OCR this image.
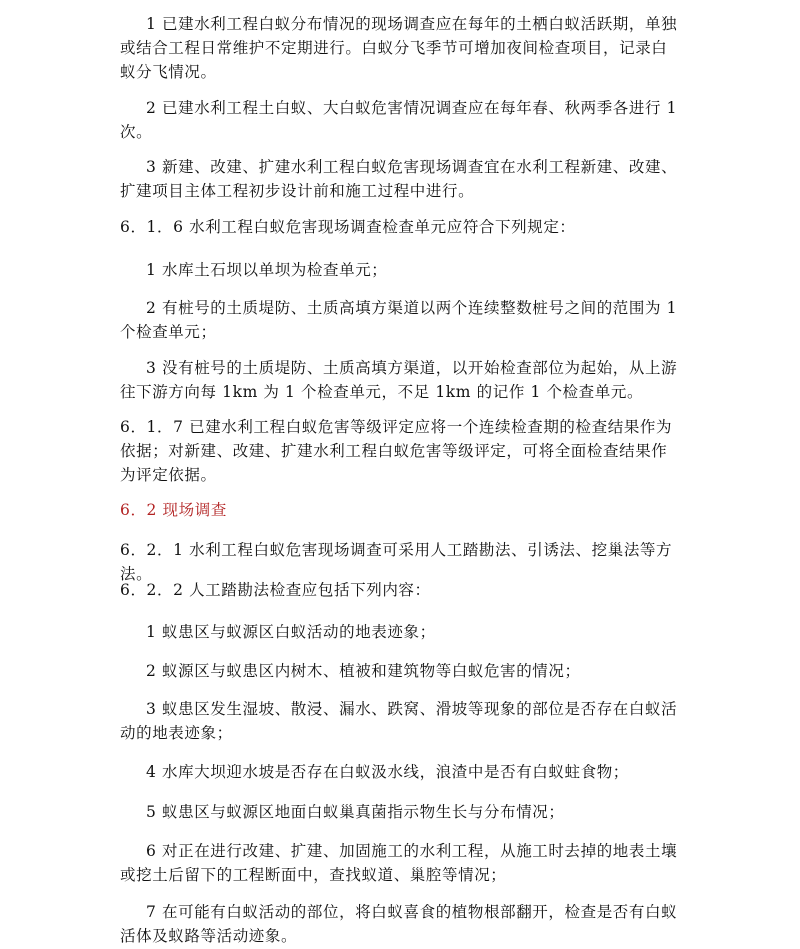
1 已建水利工程白蚁分布情况的现场调查应在每年的土栖白蚁活跃期，单独或结合工程日常维护不定期进行。白蚁分飞季节可增加夜间检查项目，记录白蚁分飞情况。

2 已建水利工程土白蚁、大白蚁危害情况调查应在每年春、秋两季各进行 1 次。

3 新建、改建、扩建水利工程白蚁危害现场调查宜在水利工程新建、改建、扩建项目主体工程初步设计前和施工过程中进行。

6．1．6 水利工程白蚁危害现场调查检查单元应符合下列规定：

1 水库土石坝以单坝为检查单元；

2 有桩号的土质堤防、土质高填方渠道以两个连续整数桩号之间的范围为 1 个检查单元；

3 没有桩号的土质堤防、土质高填方渠道，以开始检查部位为起始，从上游往下游方向每 1km 为 1 个检查单元，不足 1km 的记作 1 个检查单元。

6．1．7 已建水利工程白蚁危害等级评定应将一个连续检查期的检查结果作为依据；对新建、改建、扩建水利工程白蚁危害等级评定，可将全面检查结果作为评定依据。

6．2 现场调查

6．2．1 水利工程白蚁危害现场调查可采用人工踏勘法、引诱法、挖巢法等方法。

6．2．2 人工踏勘法检查应包括下列内容：

1 蚁患区与蚁源区白蚁活动的地表迹象；

2 蚁源区与蚁患区内树木、植被和建筑物等白蚁危害的情况；

3 蚁患区发生湿坡、散浸、漏水、跌窝、滑坡等现象的部位是否存在白蚁活动的地表迹象；

4 水库大坝迎水坡是否存在白蚁汲水线，浪渣中是否有白蚁蛀食物；

5 蚁患区与蚁源区地面白蚁巢真菌指示物生长与分布情况；

6 对正在进行改建、扩建、加固施工的水利工程，从施工时去掉的地表土壤或挖土后留下的工程断面中，查找蚁道、巢腔等情况；

7 在可能有白蚁活动的部位，将白蚁喜食的植物根部翻开，检查是否有白蚁活体及蚁路等活动迹象。
